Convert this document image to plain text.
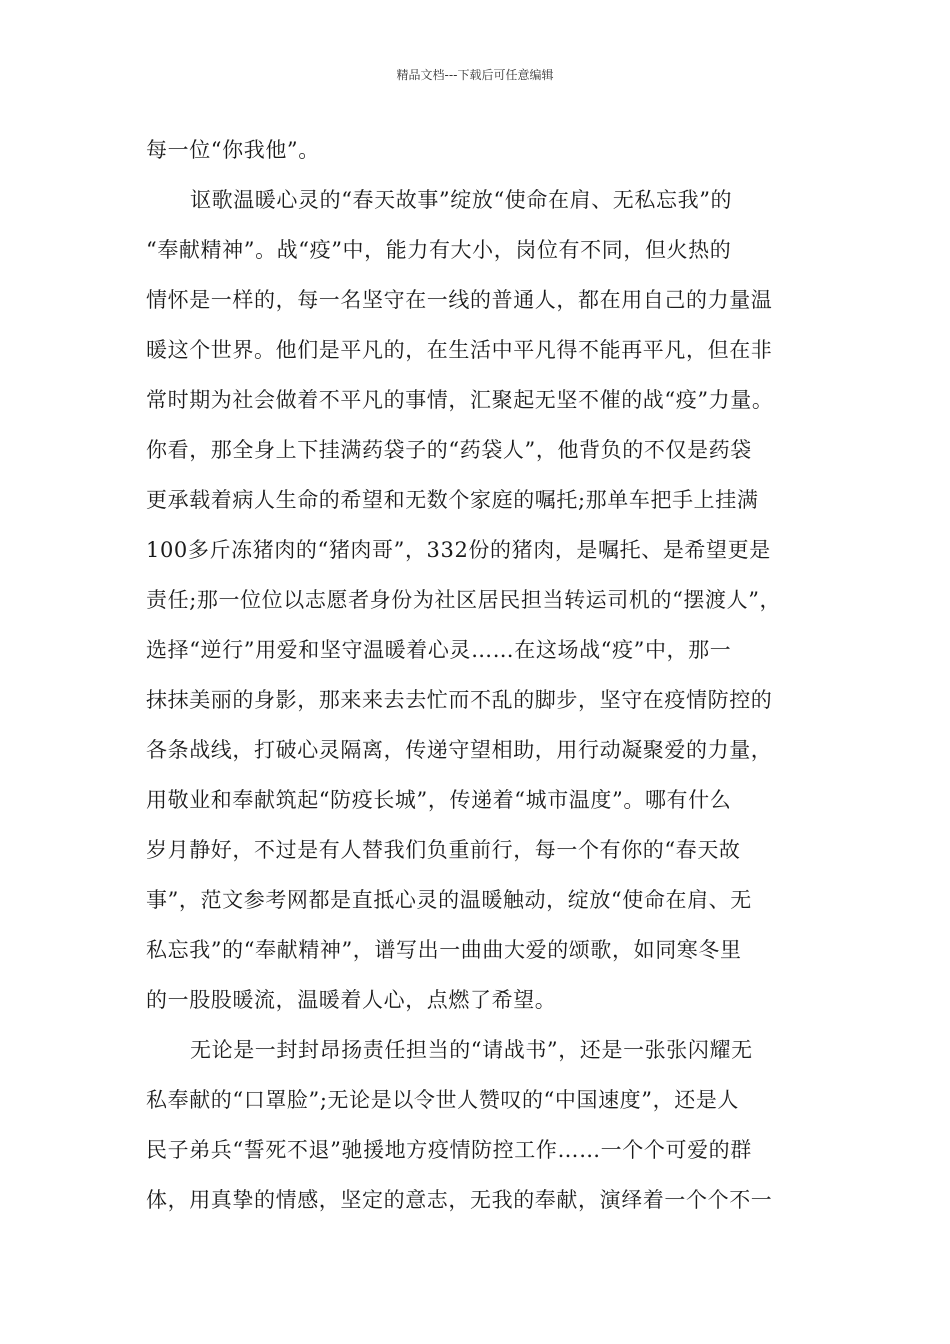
精品文档---下载后可任意编辑
每一位“你我他”。
讴歌温暖心灵的“春天故事”绽放“使命在肩、无私忘我”的
“奉献精神”。战“疫”中，能力有大小，岗位有不同，但火热的
情怀是一样的，每一名坚守在一线的普通人，都在用自己的力量温
暖这个世界。他们是平凡的，在生活中平凡得不能再平凡，但在非
常时期为社会做着不平凡的事情，汇聚起无坚不催的战“疫”力量。
你看，那全身上下挂满药袋子的“药袋人”，他背负的不仅是药袋
更承载着病人生命的希望和无数个家庭的嘱托;那单车把手上挂满
100多斤冻猪肉的“猪肉哥”，332份的猪肉，是嘱托、是希望更是
责任;那一位位以志愿者身份为社区居民担当转运司机的“摆渡人”，
选择“逆行”用爱和坚守温暖着心灵……在这场战“疫”中，那一
抹抹美丽的身影，那来来去去忙而不乱的脚步，坚守在疫情防控的
各条战线，打破心灵隔离，传递守望相助，用行动凝聚爱的力量，
用敬业和奉献筑起“防疫长城”，传递着“城市温度”。哪有什么
岁月静好，不过是有人替我们负重前行，每一个有你的“春天故
事”，范文参考网都是直抵心灵的温暖触动，绽放“使命在肩、无
私忘我”的“奉献精神”，谱写出一曲曲大爱的颂歌，如同寒冬里
的一股股暖流，温暖着人心，点燃了希望。
无论是一封封昂扬责任担当的“请战书”，还是一张张闪耀无
私奉献的“口罩脸”;无论是以令世人赞叹的“中国速度”，还是人
民子弟兵“誓死不退”驰援地方疫情防控工作……一个个可爱的群
体，用真挚的情感，坚定的意志，无我的奉献，演绎着一个个不一
